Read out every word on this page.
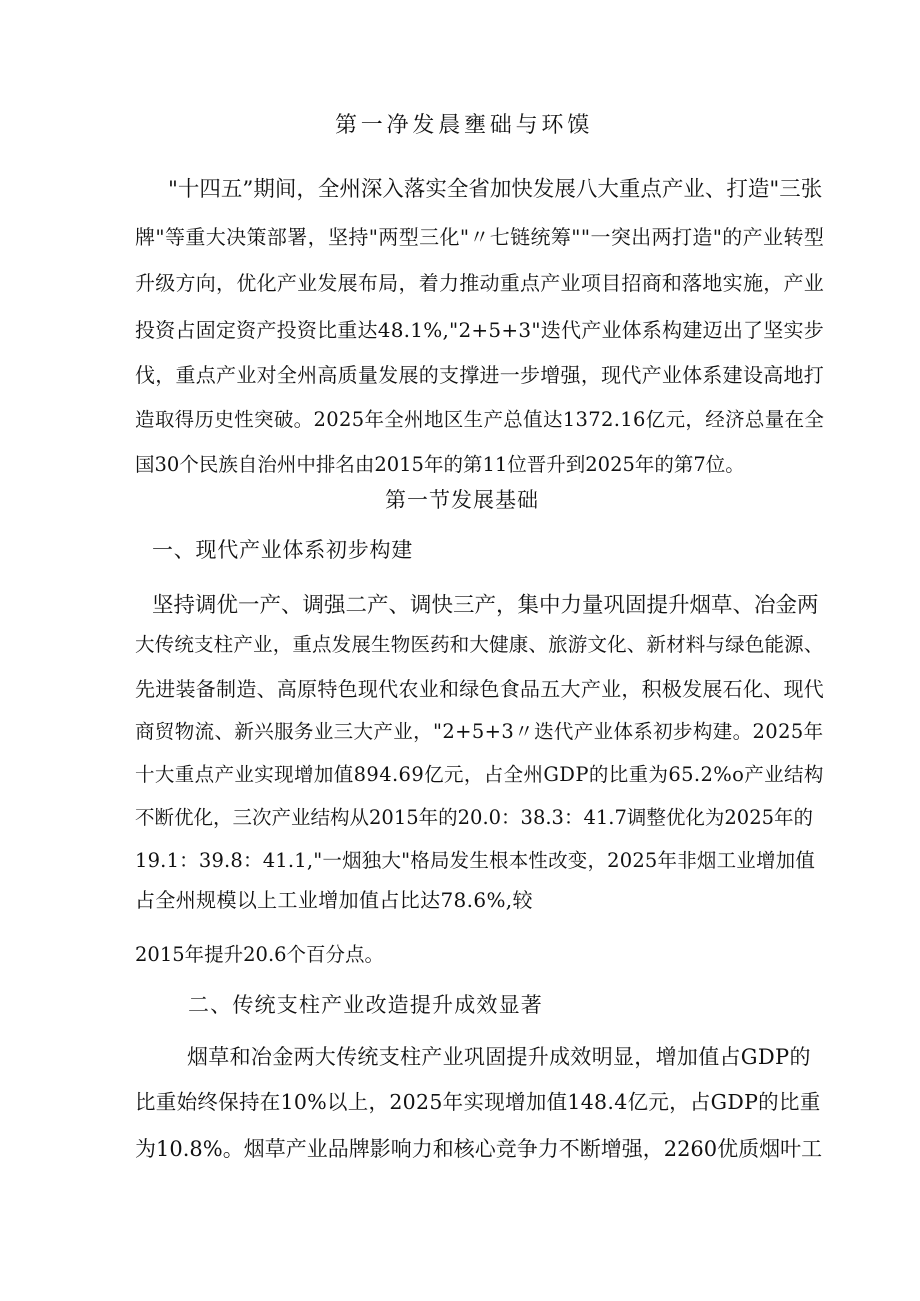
第一净发晨壅础与环馍
"十四五”期间，全州深入落实全省加快发展八大重点产业、打造"三张
牌"等重大决策部署，坚持"两型三化"〃七链统筹""一突出两打造"的产业转型
升级方向，优化产业发展布局，着力推动重点产业项目招商和落地实施，产业
投资占固定资产投资比重达48.1%,"2+5+3"迭代产业体系构建迈出了坚实步
伐，重点产业对全州高质量发展的支撑进一步增强，现代产业体系建设高地打
造取得历史性突破。2025年全州地区生产总值达1372.16亿元，经济总量在全
国30个民族自治州中排名由2015年的第11位晋升到2025年的第7位。
第一节发展基础
一、现代产业体系初步构建
坚持调优一产、调强二产、调快三产，集中力量巩固提升烟草、冶金两
大传统支柱产业，重点发展生物医药和大健康、旅游文化、新材料与绿色能源、
先进装备制造、高原特色现代农业和绿色食品五大产业，积极发展石化、现代
商贸物流、新兴服务业三大产业，"2+5+3〃迭代产业体系初步构建。2025年
十大重点产业实现增加值894.69亿元，占全州GDP的比重为65.2%o产业结构
不断优化，三次产业结构从2015年的20.0：38.3：41.7调整优化为2025年的
19.1：39.8：41.1,"一烟独大"格局发生根本性改变，2025年非烟工业增加值
占全州规模以上工业增加值占比达78.6%,较
2015年提升20.6个百分点。
二、传统支柱产业改造提升成效显著
烟草和冶金两大传统支柱产业巩固提升成效明显，增加值占GDP的
比重始终保持在10%以上，2025年实现增加值148.4亿元，占GDP的比重
为10.8%。烟草产业品牌影响力和核心竞争力不断增强，2260优质烟叶工
